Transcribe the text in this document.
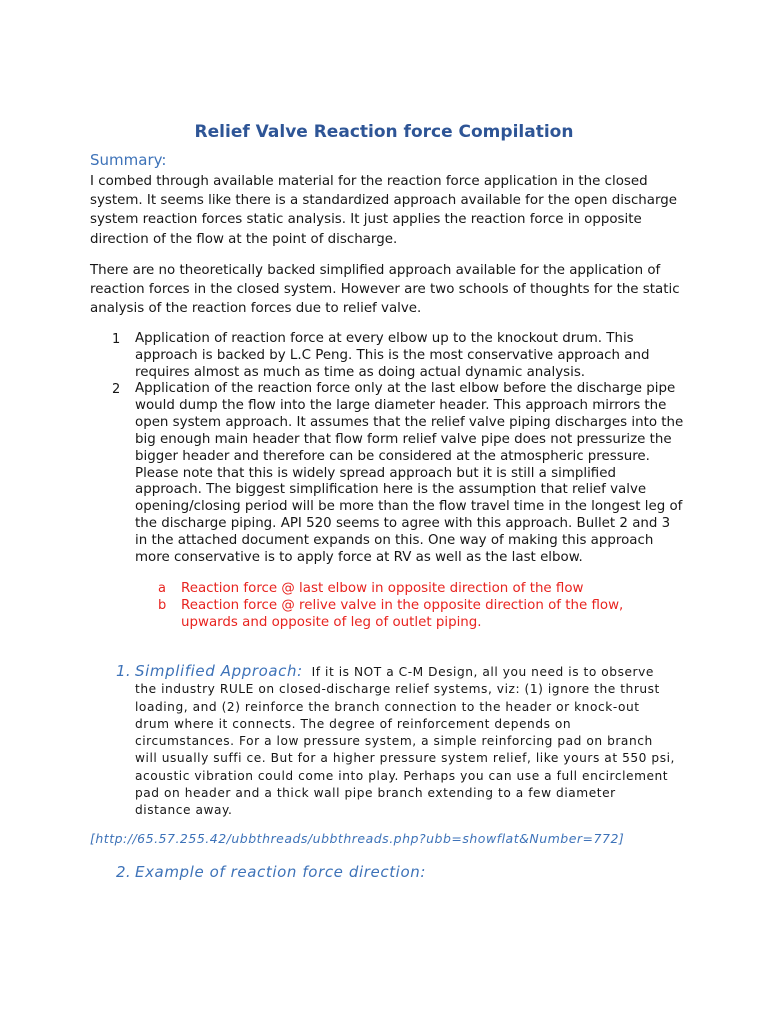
Relief Valve Reaction force Compilation
Summary:
I combed through available material for the reaction force application in the closed system. It seems like there is a standardized approach available for the open discharge system reaction forces static analysis. It just applies the reaction force in opposite direction of the flow at the point of discharge.
There are no theoretically backed simplified approach available for the application of reaction forces in the closed system. However are two schools of thoughts for the static analysis of the reaction forces due to relief valve.
1 Application of reaction force at every elbow up to the knockout drum. This approach is backed by L.C Peng. This is the most conservative approach and requires almost as much as time as doing actual dynamic analysis.
2 Application of the reaction force only at the last elbow before the discharge pipe would dump the flow into the large diameter header. This approach mirrors the open system approach. It assumes that the relief valve piping discharges into the big enough main header that flow form relief valve pipe does not pressurize the bigger header and therefore can be considered at the atmospheric pressure. Please note that this is widely spread approach but it is still a simplified approach. The biggest simplification here is the assumption that relief valve opening/closing period will be more than the flow travel time in the longest leg of the discharge piping. API 520 seems to agree with this approach. Bullet 2 and 3 in the attached document expands on this. One way of making this approach more conservative is to apply force at RV as well as the last elbow.
a Reaction force @ last elbow in opposite direction of the flow
b Reaction force @ relive valve in the opposite direction of the flow, upwards and opposite of leg of outlet piping.
1. Simplified Approach: If it is NOT a C-M Design, all you need is to observe the industry RULE on closed-discharge relief systems, viz: (1) ignore the thrust loading, and (2) reinforce the branch connection to the header or knock-out drum where it connects. The degree of reinforcement depends on circumstances. For a low pressure system, a simple reinforcing pad on branch will usually suffi ce. But for a higher pressure system relief, like yours at 550 psi, acoustic vibration could come into play. Perhaps you can use a full encirclement pad on header and a thick wall pipe branch extending to a few diameter distance away.
[http://65.57.255.42/ubbthreads/ubbthreads.php?ubb=showflat&Number=772]
2. Example of reaction force direction:
